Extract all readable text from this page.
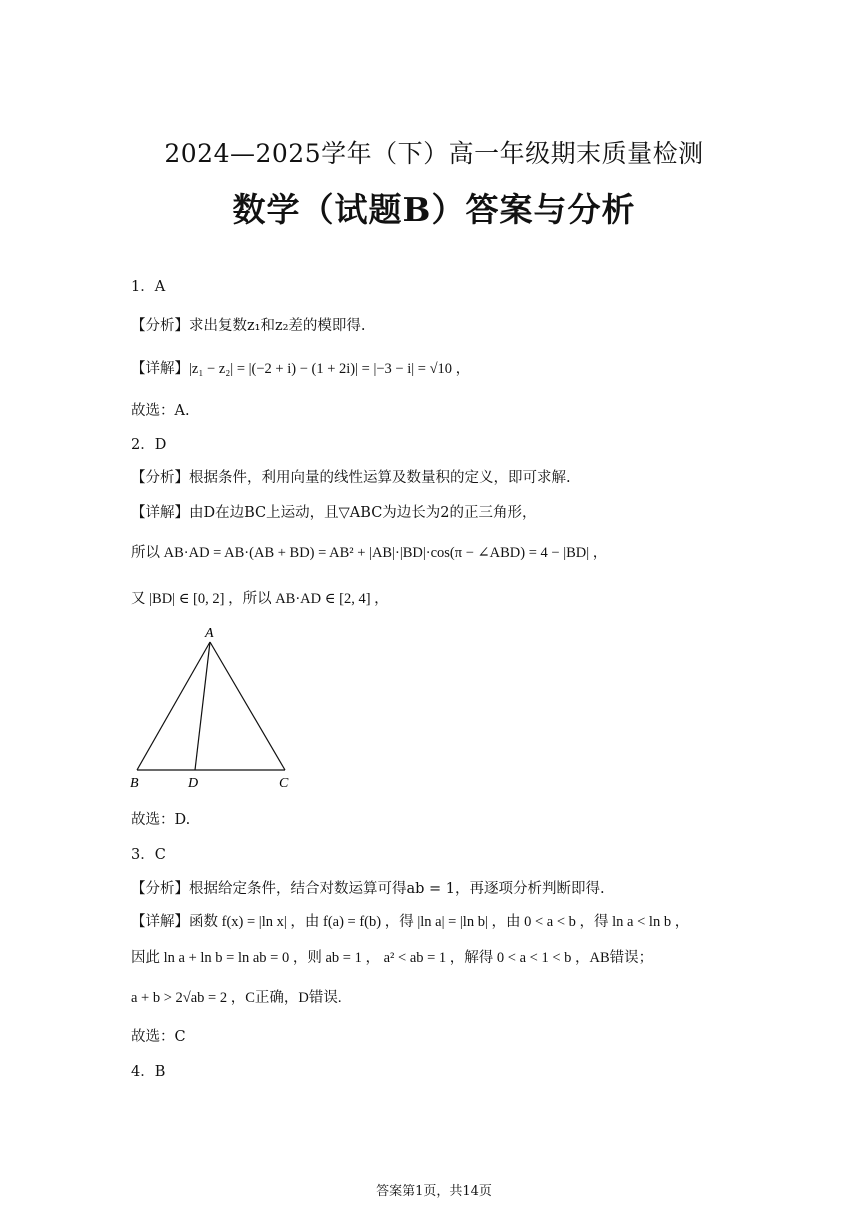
2024—2025学年（下）高一年级期末质量检测
数学（试题B）答案与分析
1．A
【分析】求出复数z₁和z₂差的模即得.
【详解】|z₁ − z₂| = |(−2 + i) − (1 + 2i)| = |−3 − i| = √10 ，
故选：A.
2．D
【分析】根据条件，利用向量的线性运算及数量积的定义，即可求解.
【详解】由D在边BC上运动，且▽ABC为边长为2的正三角形，
所以 AB·AD = AB·(AB + BD) = AB² + |AB|·|BD|·cos(π − ∠ABD) = 4 − |BD| ，
又 |BD| ∈ [0, 2] ，所以 AB·AD ∈ [2, 4] ，
A
B	D	C
故选：D.
3．C
【分析】根据给定条件，结合对数运算可得ab = 1，再逐项分析判断即得.
【详解】函数 f(x) = |ln x| ，由 f(a) = f(b) ，得 |ln a| = |ln b| ，由 0 < a < b ，得 ln a < ln b ，
因此 ln a + ln b = ln ab = 0 ，则 ab = 1 ， a² < ab = 1 ，解得 0 < a < 1 < b ，AB错误；
a + b > 2√ab = 2 ，C正确，D错误.
故选：C
4．B
答案第1页，共14页
